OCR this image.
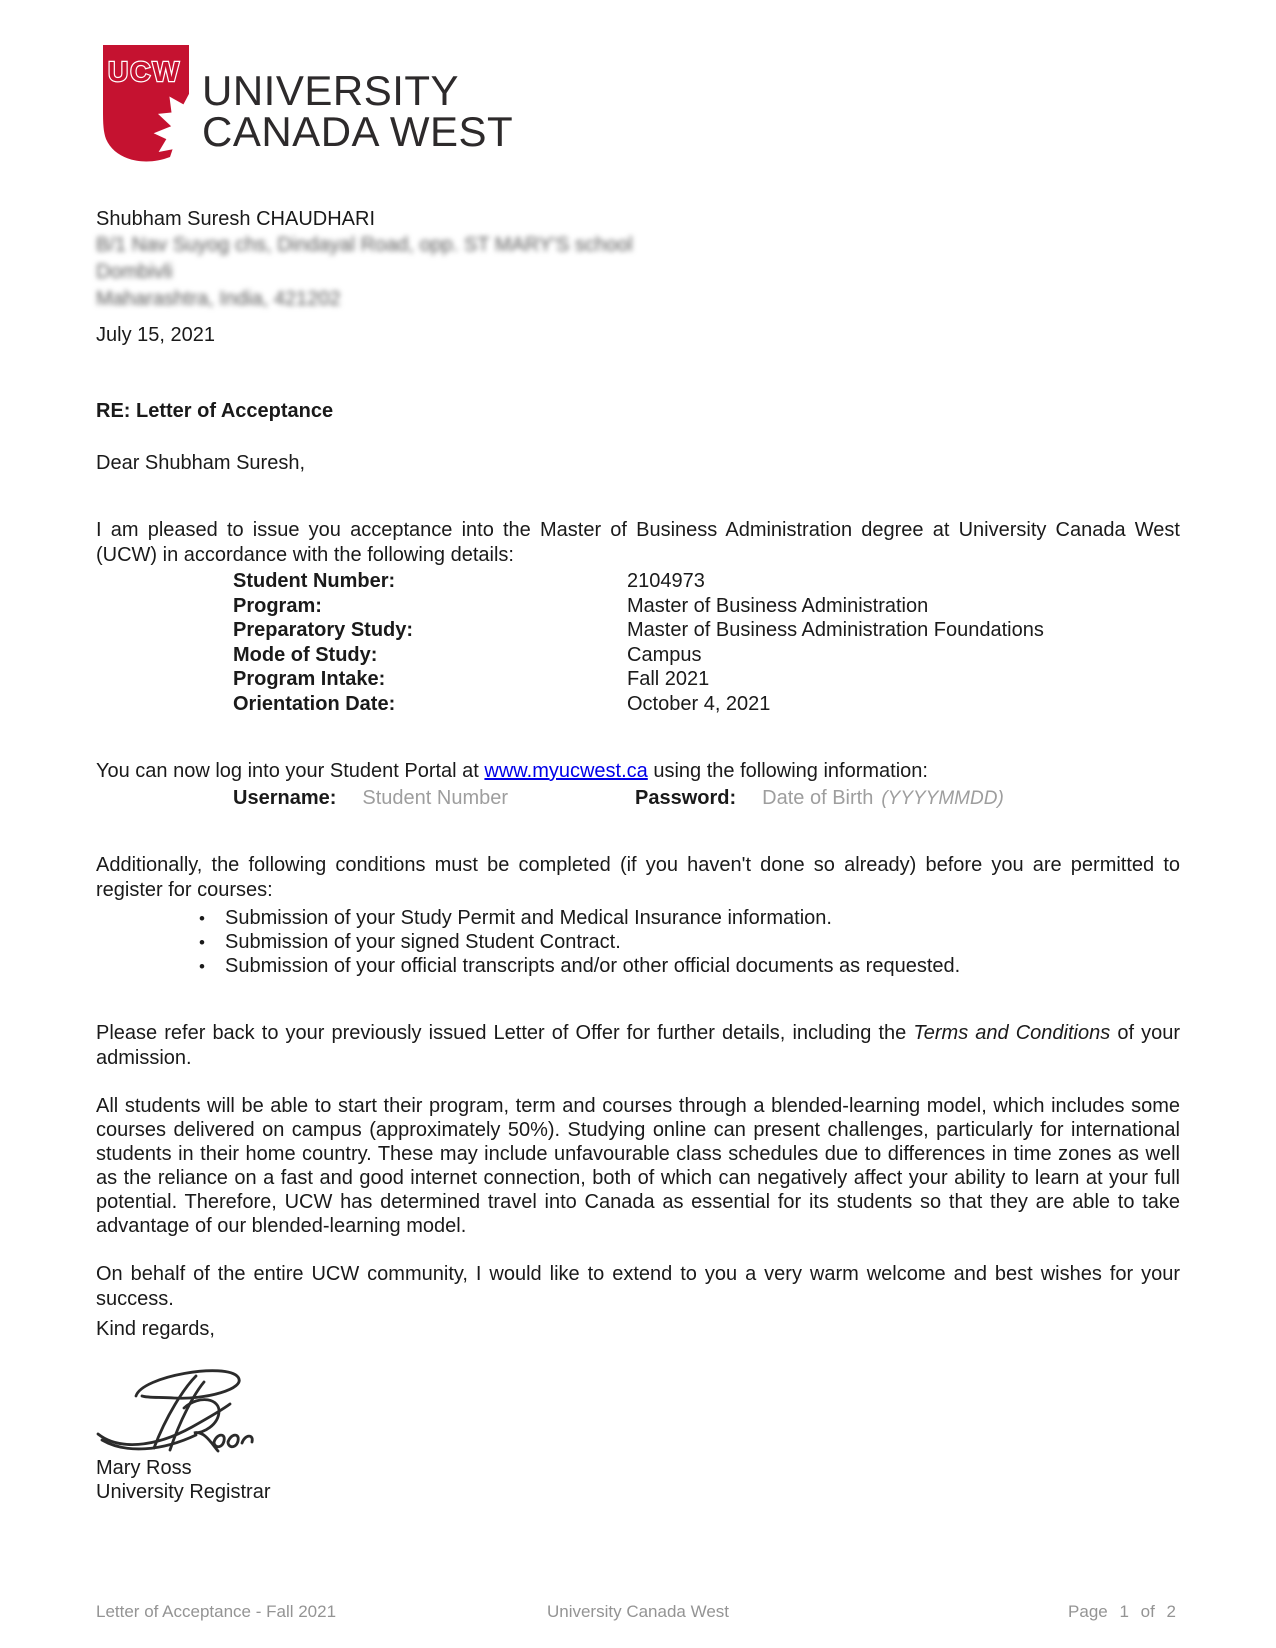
UCW UNIVERSITY
CANADA WEST
Shubham Suresh CHAUDHARI
B/1 Nav Suyog chs, Dindayal Road, opp. ST MARY'S school
Dombivli
Maharashtra, India, 421202
July 15, 2021
RE: Letter of Acceptance
Dear Shubham Suresh,

I am pleased to issue you acceptance into the Master of Business Administration degree at University Canada West (UCW) in accordance with the following details:

Student Number:	2104973
Program:	Master of Business Administration
Preparatory Study:	Master of Business Administration Foundations
Mode of Study:	Campus
Program Intake:	Fall 2021
Orientation Date:	October 4, 2021

You can now log into your Student Portal at www.myucwest.ca using the following information:

Username: Student Number	Password: Date of Birth (YYYYMMDD)

Additionally, the following conditions must be completed (if you haven't done so already) before you are permitted to register for courses:

• Submission of your Study Permit and Medical Insurance information.
• Submission of your signed Student Contract.
• Submission of your official transcripts and/or other official documents as requested.

Please refer back to your previously issued Letter of Offer for further details, including the Terms and Conditions of your admission.

All students will be able to start their program, term and courses through a blended-learning model, which includes some courses delivered on campus (approximately 50%). Studying online can present challenges, particularly for international students in their home country. These may include unfavourable class schedules due to differences in time zones as well as the reliance on a fast and good internet connection, both of which can negatively affect your ability to learn at your full potential. Therefore, UCW has determined travel into Canada as essential for its students so that they are able to take advantage of our blended-learning model.

On behalf of the entire UCW community, I would like to extend to you a very warm welcome and best wishes for your success.

Kind regards,
Mary Ross
University Registrar
Letter of Acceptance - Fall 2021	University Canada West	Page 1 of 2
